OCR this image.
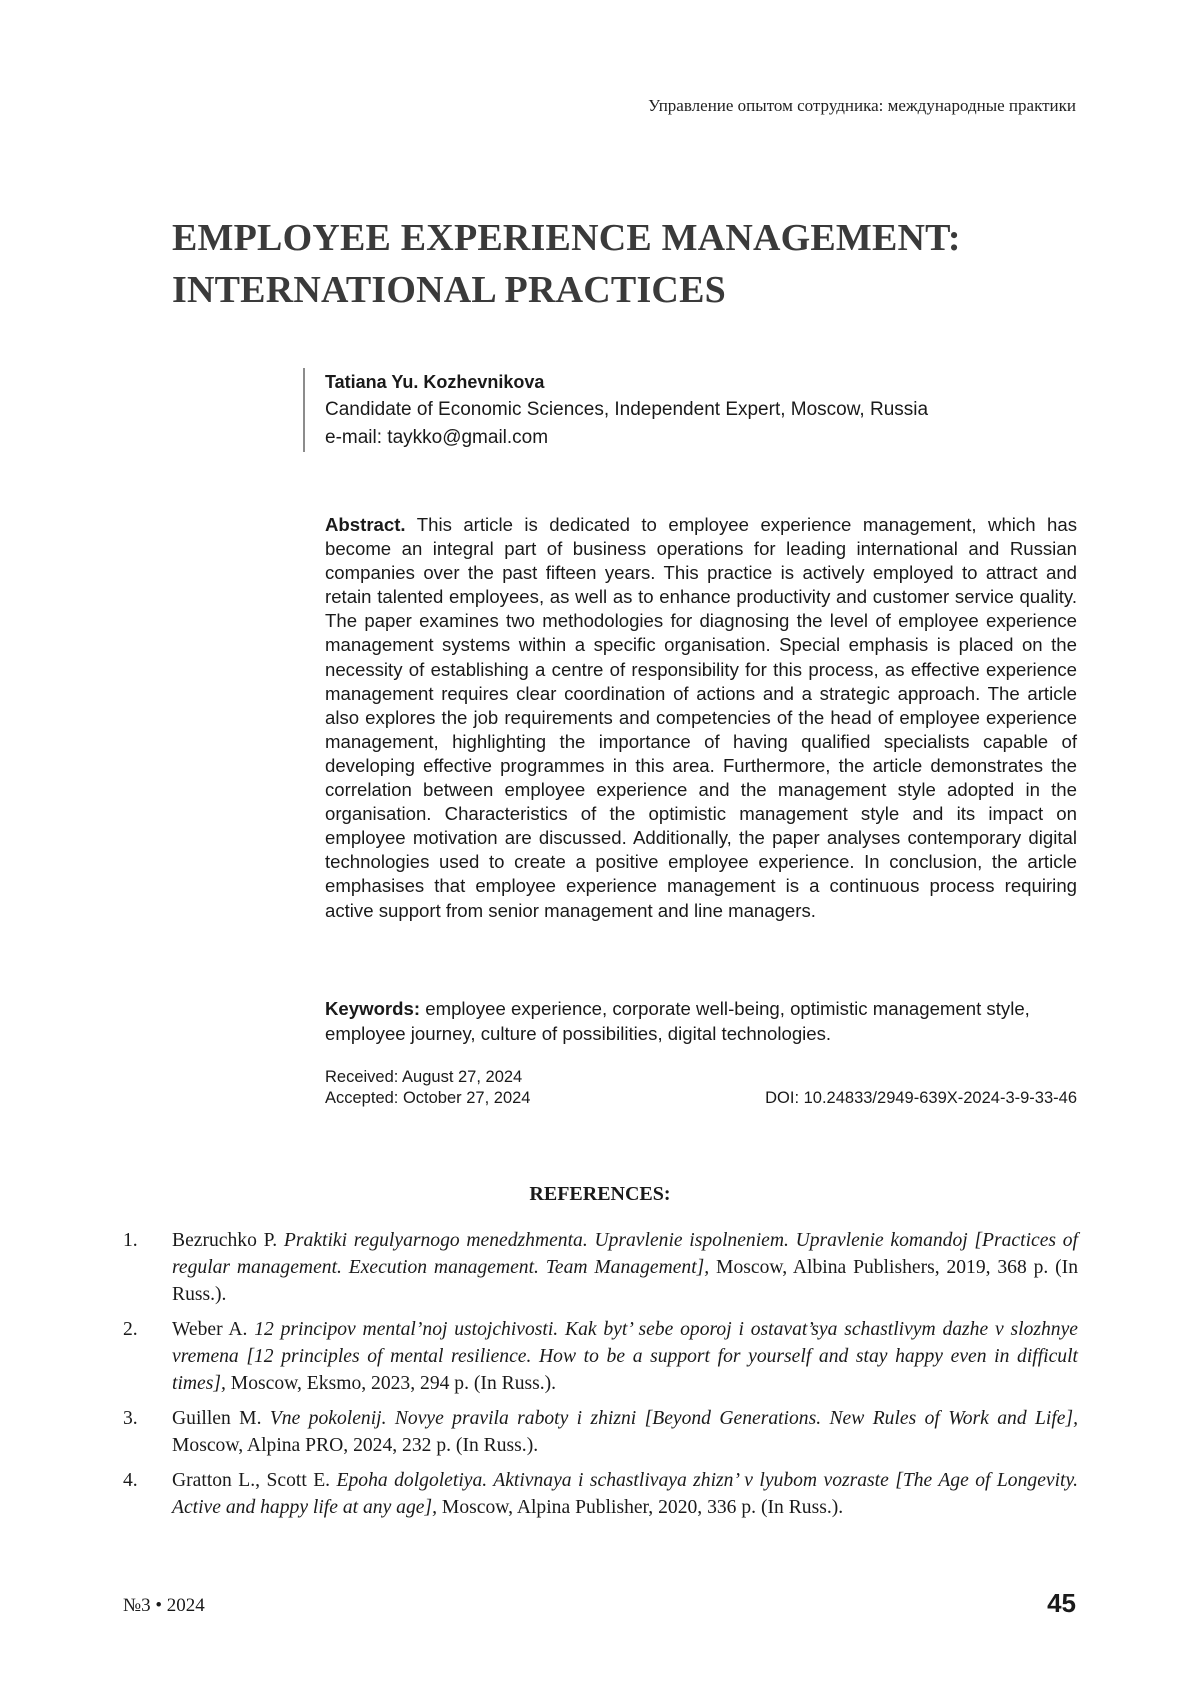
Управление опытом сотрудника: международные практики
EMPLOYEE EXPERIENCE MANAGEMENT:
INTERNATIONAL PRACTICES
Tatiana Yu. Kozhevnikova
Candidate of Economic Sciences, Independent Expert, Moscow, Russia
e-mail: taykko@gmail.com

Abstract. This article is dedicated to employee experience management, which has become an integral part of business operations for leading international and Russian companies over the past fifteen years. This practice is actively employed to attract and retain talented employees, as well as to enhance productivity and customer service quality. The paper examines two methodologies for diagnosing the level of employee experience management systems within a specific organisation. Special emphasis is placed on the necessity of establishing a centre of responsibility for this process, as effective experience management requires clear coordination of actions and a strategic approach. The article also explores the job requirements and competencies of the head of employee experience management, highlighting the importance of having qualified specialists capable of developing effective programmes in this area. Furthermore, the article demonstrates the correlation between employee experience and the management style adopted in the organisation. Characteristics of the optimistic management style and its impact on employee motivation are discussed. Additionally, the paper analyses contemporary digital technologies used to create a positive employee experience. In conclusion, the article emphasises that employee experience management is a continuous process requiring active support from senior management and line managers.

Keywords: employee experience, corporate well-being, optimistic management style, employee journey, culture of possibilities, digital technologies.

Received: August 27, 2024
Accepted: October 27, 2024	DOI: 10.24833/2949-639X-2024-3-9-33-46
REFERENCES:
1.	Bezruchko P. Praktiki regulyarnogo menedzhmenta. Upravlenie ispolneniem. Upravlenie komandoj [Practices of regular management. Execution management. Team Management], Moscow, Albina Publishers, 2019, 368 p. (In Russ.).
2.	Weber A. 12 principov mental’noj ustojchivosti. Kak byt’ sebe oporoj i ostavat’sya schastlivym dazhe v slozhnye vremena [12 principles of mental resilience. How to be a support for yourself and stay happy even in difficult times], Moscow, Eksmo, 2023, 294 p. (In Russ.).
3.	Guillen M. Vne pokolenij. Novye pravila raboty i zhizni [Beyond Generations. New Rules of Work and Life], Moscow, Alpina PRO, 2024, 232 p. (In Russ.).
4.	Gratton L., Scott E. Epoha dolgoletiya. Aktivnaya i schastlivaya zhizn’ v lyubom vozraste [The Age of Longevity. Active and happy life at any age], Moscow, Alpina Publisher, 2020, 336 p. (In Russ.).
№3 • 2024	45
